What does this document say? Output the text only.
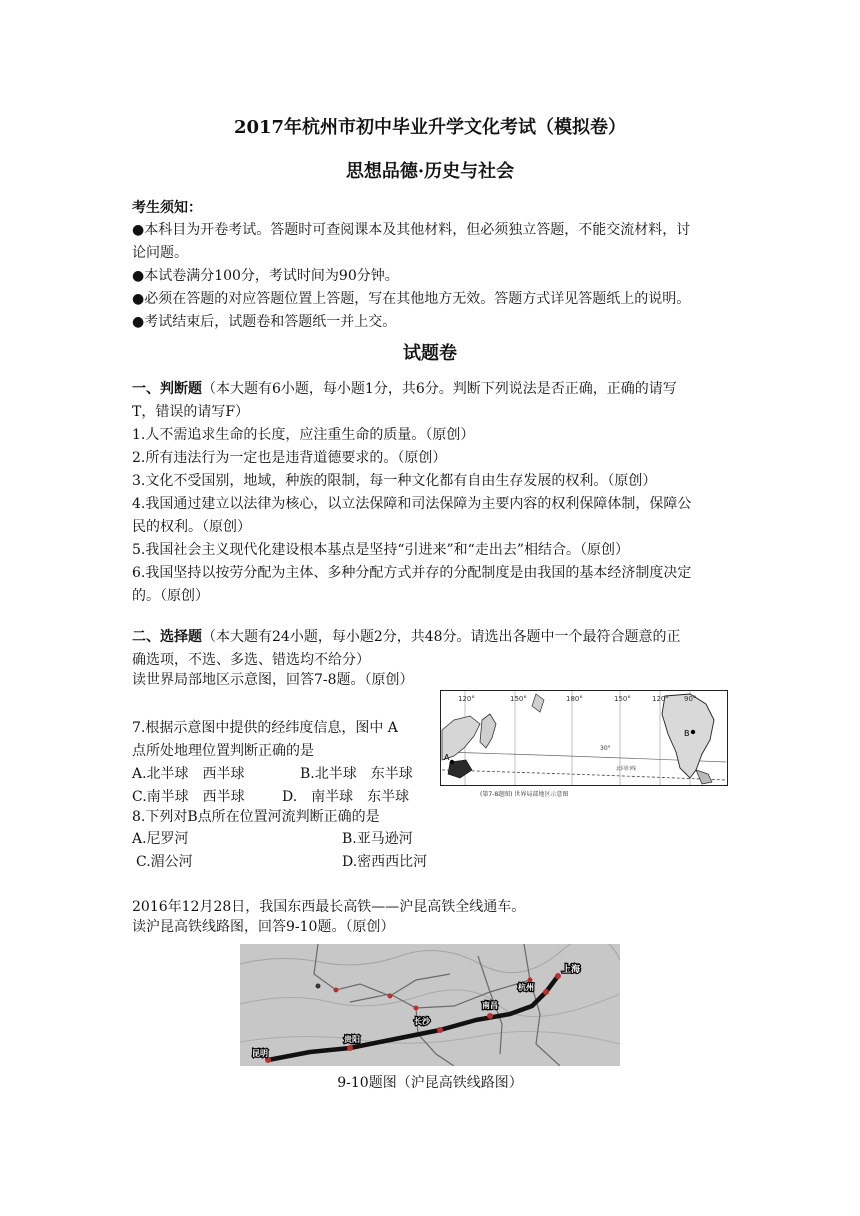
2017年杭州市初中毕业升学文化考试（模拟卷）
思想品德·历史与社会
考生须知：
●本科目为开卷考试。答题时可查阅课本及其他材料，但必须独立答题，不能交流材料，讨
论问题。
●本试卷满分100分，考试时间为90分钟。
●必须在答题的对应答题位置上答题，写在其他地方无效。答题方式详见答题纸上的说明。
●考试结束后，试题卷和答题纸一并上交。
试题卷
一、判断题（本大题有6小题，每小题1分，共6分。判断下列说法是否正确，正确的请写
T，错误的请写F）
1.人不需追求生命的长度，应注重生命的质量。（原创）
2.所有违法行为一定也是违背道德要求的。（原创）
3.文化不受国别，地域，种族的限制，每一种文化都有自由生存发展的权利。（原创）
4.我国通过建立以法律为核心，以立法保障和司法保障为主要内容的权利保障体制，保障公
民的权利。（原创）
5.我国社会主义现代化建设根本基点是坚持“引进来”和“走出去”相结合。（原创）
6.我国坚持以按劳分配为主体、多种分配方式并存的分配制度是由我国的基本经济制度决定
的。（原创）
二、选择题（本大题有24小题，每小题2分，共48分。请选出各题中一个最符合题意的正
确选项，不选、多选、错选均不给分）
读世界局部地区示意图，回答7-8题。（原创）
7.根据示意图中提供的经纬度信息，图中 A
点所处地理位置判断正确的是
A.北半球　西半球	B.北半球　东半球
C.南半球　西半球	D.　南半球　东半球
8.下列对B点所在位置河流判断正确的是
A.尼罗河	B.亚马逊河
C.湄公河	D.密西西比河
A
B
120°	150°	180°	150°	120° 90°
30°
北回归线
(第7-8题图) 世界局部地区示意图
2016年12月28日，我国东西最长高铁——沪昆高铁全线通车。
读沪昆高铁线路图，回答9-10题。（原创）
上海
杭州
南昌
长沙
贵阳
昆明
9-10题图（沪昆高铁线路图）
